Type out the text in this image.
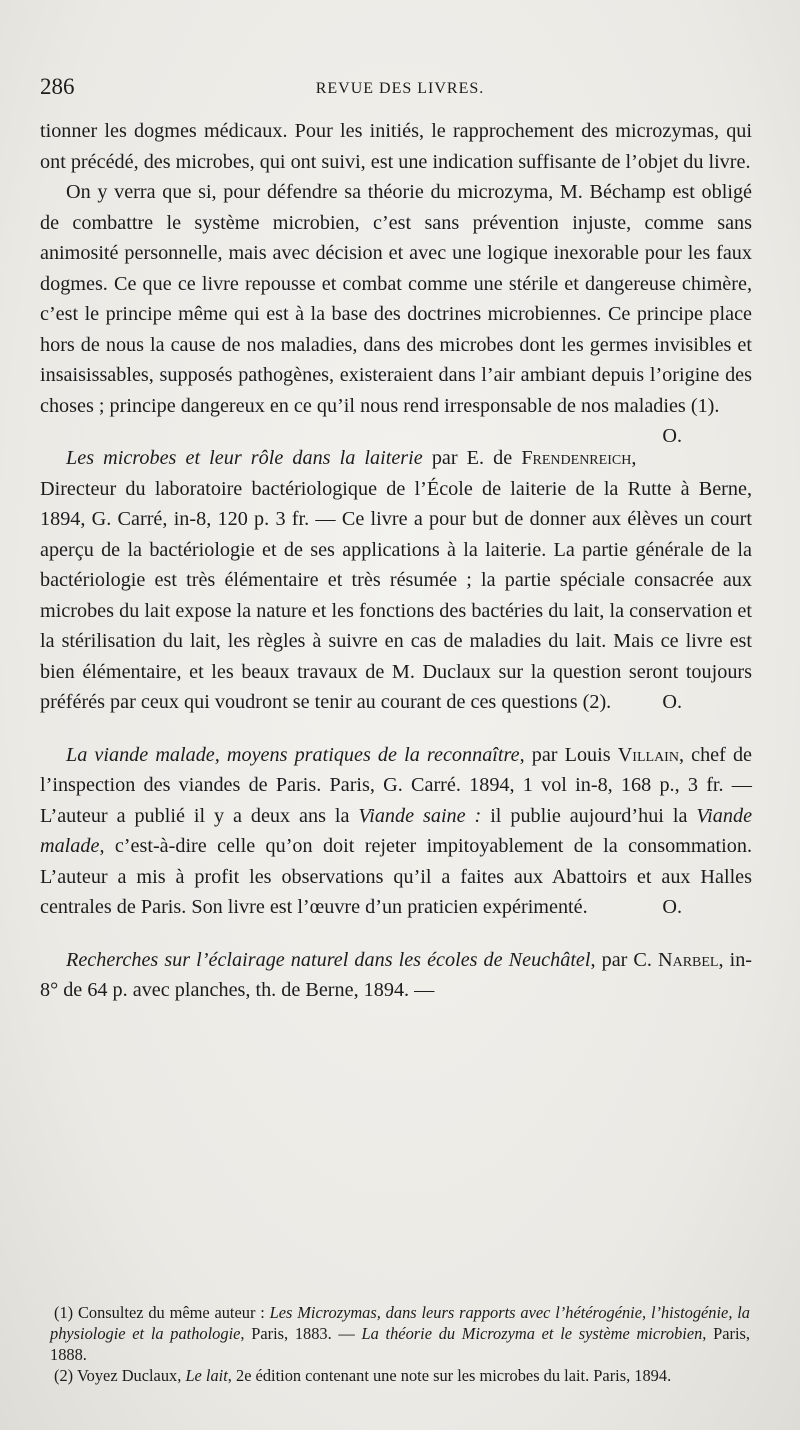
286	REVUE DES LIVRES.

tionner les dogmes médicaux. Pour les initiés, le rapprochement des microzymas, qui ont précédé, des microbes, qui ont suivi, est une indication suffisante de l’objet du livre.

On y verra que si, pour défendre sa théorie du microzyma, M. Béchamp est obligé de combattre le système microbien, c’est sans prévention injuste, comme sans animosité personnelle, mais avec décision et avec une logique inexorable pour les faux dogmes. Ce que ce livre repousse et combat comme une stérile et dangereuse chimère, c’est le principe même qui est à la base des doctrines microbiennes. Ce principe place hors de nous la cause de nos maladies, dans des microbes dont les germes invisibles et insaisissables, supposés pathogènes, existeraient dans l’air ambiant depuis l’origine des choses ; principe dangereux en ce qu’il nous rend irresponsable de nos maladies (1).
O.

Les microbes et leur rôle dans la laiterie par E. de Frendenreich, Directeur du laboratoire bactériologique de l’École de laiterie de la Rutte à Berne, 1894, G. Carré, in-8, 120 p. 3 fr. — Ce livre a pour but de donner aux élèves un court aperçu de la bactériologie et de ses applications à la laiterie. La partie générale de la bactériologie est très élémentaire et très résumée ; la partie spéciale consacrée aux microbes du lait expose la nature et les fonctions des bactéries du lait, la conservation et la stérilisation du lait, les règles à suivre en cas de maladies du lait. Mais ce livre est bien élémentaire, et les beaux travaux de M. Duclaux sur la question seront toujours préférés par ceux qui voudront se tenir au courant de ces questions (2).	O.

La viande malade, moyens pratiques de la reconnaître, par Louis Villain, chef de l’inspection des viandes de Paris. Paris, G. Carré. 1894, 1 vol in-8, 168 p., 3 fr. — L’auteur a publié il y a deux ans la Viande saine : il publie aujourd’hui la Viande malade, c’est-à-dire celle qu’on doit rejeter impitoyablement de la consommation. L’auteur a mis à profit les observations qu’il a faites aux Abattoirs et aux Halles centrales de Paris. Son livre est l’œuvre d’un praticien expérimenté.	O.

Recherches sur l’éclairage naturel dans les écoles de Neuchâtel, par C. Narbel, in-8° de 64 p. avec planches, th. de Berne, 1894. —

(1) Consultez du même auteur : Les Microzymas, dans leurs rapports avec l’hétérogénie, l’histogénie, la physiologie et la pathologie, Paris, 1883. — La théorie du Microzyma et le système microbien, Paris, 1888.

(2) Voyez Duclaux, Le lait, 2e édition contenant une note sur les microbes du lait. Paris, 1894.
